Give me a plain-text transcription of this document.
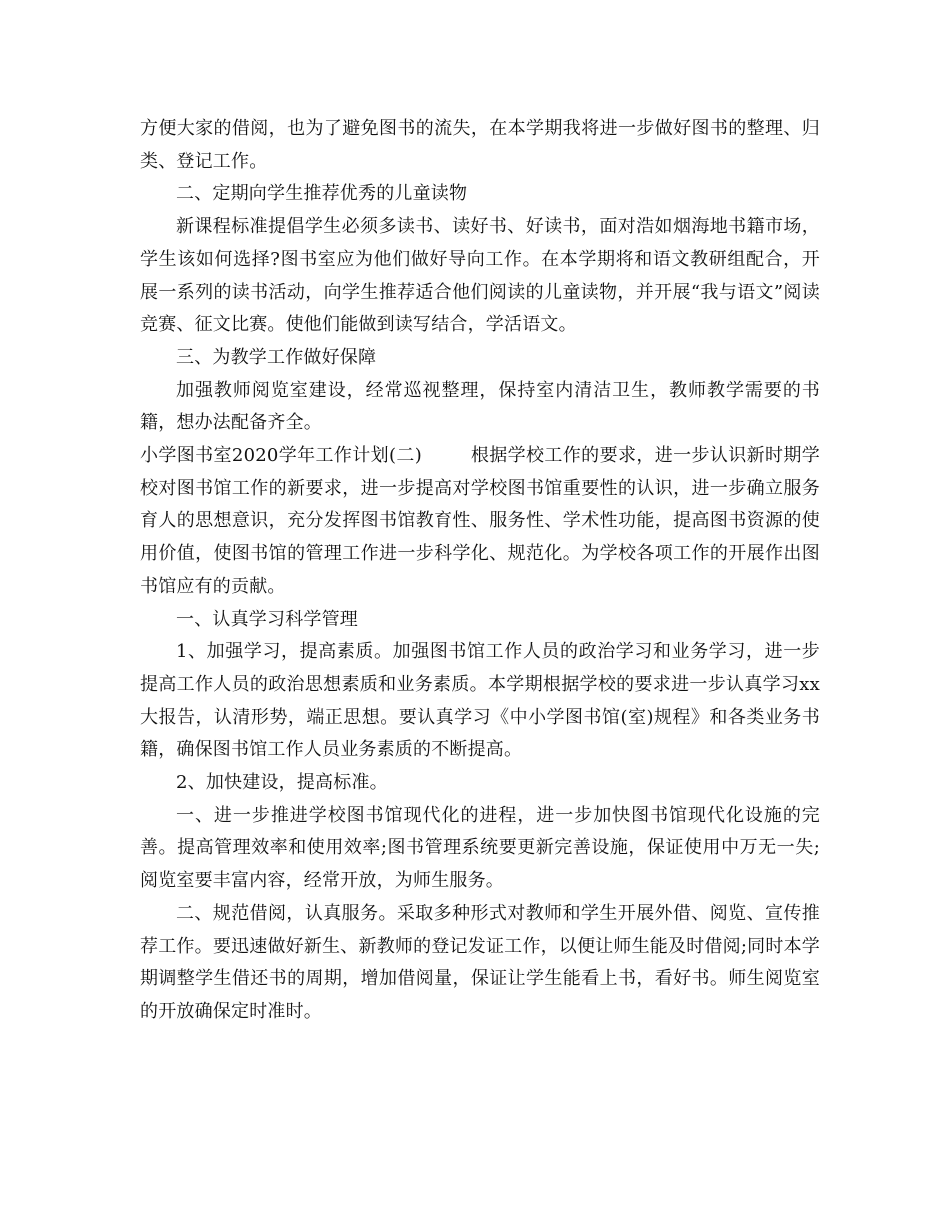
方便大家的借阅，也为了避免图书的流失，在本学期我将进一步做好图书的整理、归类、登记工作。

二、定期向学生推荐优秀的儿童读物

新课程标准提倡学生必须多读书、读好书、好读书，面对浩如烟海地书籍市场，学生该如何选择?图书室应为他们做好导向工作。在本学期将和语文教研组配合，开展一系列的读书活动，向学生推荐适合他们阅读的儿童读物，并开展“我与语文”阅读竞赛、征文比赛。使他们能做到读写结合，学活语文。

三、为教学工作做好保障

加强教师阅览室建设，经常巡视整理，保持室内清洁卫生，教师教学需要的书籍，想办法配备齐全。

小学图书室2020学年工作计划(二)        根据学校工作的要求，进一步认识新时期学校对图书馆工作的新要求，进一步提高对学校图书馆重要性的认识，进一步确立服务育人的思想意识，充分发挥图书馆教育性、服务性、学术性功能，提高图书资源的使用价值，使图书馆的管理工作进一步科学化、规范化。为学校各项工作的开展作出图书馆应有的贡献。

一、认真学习科学管理

1、加强学习，提高素质。加强图书馆工作人员的政治学习和业务学习，进一步提高工作人员的政治思想素质和业务素质。本学期根据学校的要求进一步认真学习xx大报告，认清形势，端正思想。要认真学习《中小学图书馆(室)规程》和各类业务书籍，确保图书馆工作人员业务素质的不断提高。

2、加快建设，提高标准。

一、进一步推进学校图书馆现代化的进程，进一步加快图书馆现代化设施的完善。提高管理效率和使用效率;图书管理系统要更新完善设施，保证使用中万无一失;阅览室要丰富内容，经常开放，为师生服务。

二、规范借阅，认真服务。采取多种形式对教师和学生开展外借、阅览、宣传推荐工作。要迅速做好新生、新教师的登记发证工作，以便让师生能及时借阅;同时本学期调整学生借还书的周期，增加借阅量，保证让学生能看上书，看好书。师生阅览室的开放确保定时准时。
